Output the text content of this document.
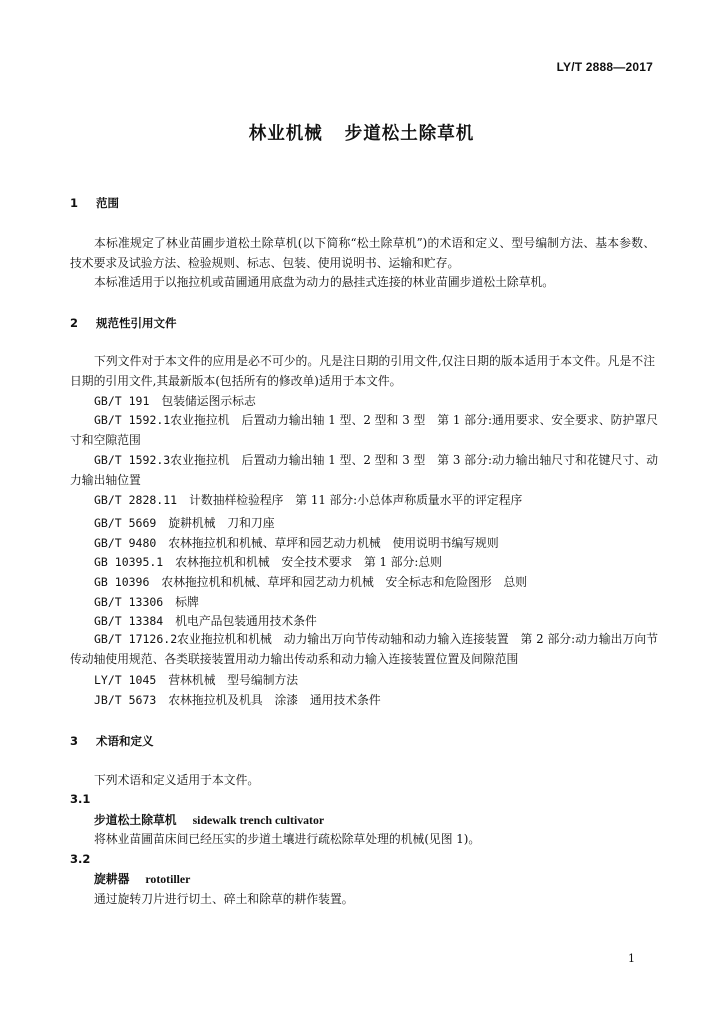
LY/T 2888—2017
林业机械 步道松土除草机
1 范围
本标准规定了林业苗圃步道松土除草机(以下简称“松土除草机”)的术语和定义、型号编制方法、基本参数、技术要求及试验方法、检验规则、标志、包装、使用说明书、运输和贮存。
本标准适用于以拖拉机或苗圃通用底盘为动力的悬挂式连接的林业苗圃步道松土除草机。
2 规范性引用文件
下列文件对于本文件的应用是必不可少的。凡是注日期的引用文件,仅注日期的版本适用于本文件。凡是不注日期的引用文件,其最新版本(包括所有的修改单)适用于本文件。
GB/T 191 包装储运图示标志
GB/T 1592.1农业拖拉机　后置动力输出轴 1 型、2 型和 3 型　第 1 部分:通用要求、安全要求、防护罩尺寸和空隙范围
GB/T 1592.3农业拖拉机　后置动力输出轴 1 型、2 型和 3 型　第 3 部分:动力输出轴尺寸和花键尺寸、动力输出轴位置
GB/T 2828.11 计数抽样检验程序　第 11 部分:小总体声称质量水平的评定程序
GB/T 5669 旋耕机械　刀和刀座
GB/T 9480 农林拖拉机和机械、草坪和园艺动力机械　使用说明书编写规则
GB 10395.1 农林拖拉机和机械　安全技术要求　第 1 部分:总则
GB 10396 农林拖拉机和机械、草坪和园艺动力机械　安全标志和危险图形　总则
GB/T 13306 标牌
GB/T 13384 机电产品包装通用技术条件
GB/T 17126.2农业拖拉机和机械　动力输出万向节传动轴和动力输入连接装置　第 2 部分:动力输出万向节传动轴使用规范、各类联接装置用动力输出传动系和动力输入连接装置位置及间隙范围
LY/T 1045 营林机械　型号编制方法
JB/T 5673 农林拖拉机及机具　涂漆　通用技术条件
3 术语和定义
下列术语和定义适用于本文件。
3.1
步道松土除草机 sidewalk trench cultivator
将林业苗圃苗床间已经压实的步道土壤进行疏松除草处理的机械(见图 1)。
3.2
旋耕器 rototiller
通过旋转刀片进行切土、碎土和除草的耕作装置。
1
